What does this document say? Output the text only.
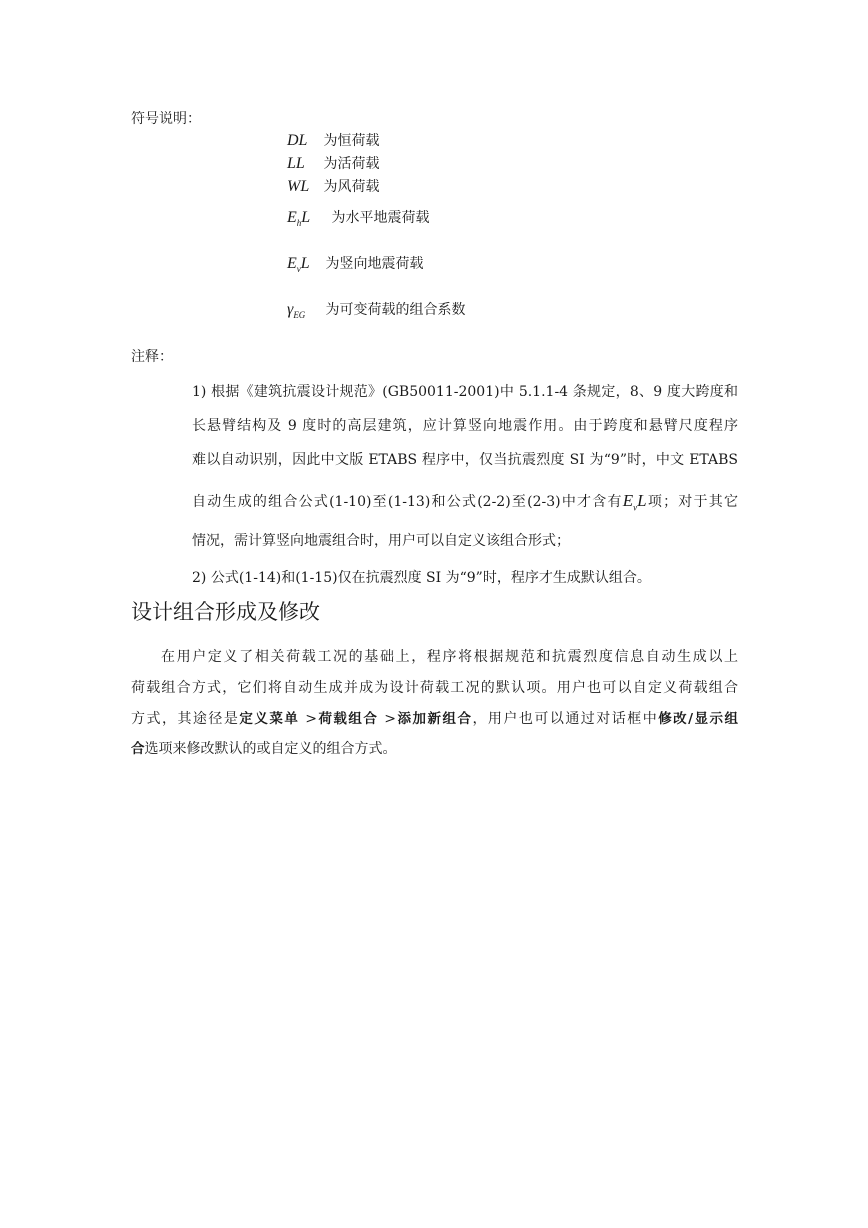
符号说明：
DL 为恒荷载
LL 为活荷载
WL 为风荷载
$E_hL$ 为水平地震荷载
$E_vL$ 为竖向地震荷载
$\gamma_{EG}$ 为可变荷载的组合系数
注释：
1) 根据《建筑抗震设计规范》(GB50011-2001)中 5.1.1-4 条规定，8、9 度大跨度和
长悬臂结构及 9 度时的高层建筑，应计算竖向地震作用。由于跨度和悬臂尺度程序
难以自动识别，因此中文版 ETABS 程序中，仅当抗震烈度 SI 为“9”时，中文 ETABS
自动生成的组合公式(1-10)至(1-13)和公式(2-2)至(2-3)中才含有$E_vL$项；对于其它
情况，需计算竖向地震组合时，用户可以自定义该组合形式；
2) 公式(1-14)和(1-15)仅在抗震烈度 SI 为“9”时，程序才生成默认组合。
设计组合形成及修改
在用户定义了相关荷载工况的基础上，程序将根据规范和抗震烈度信息自动生成以上
荷载组合方式，它们将自动生成并成为设计荷载工况的默认项。用户也可以自定义荷载组合
方式，其途径是定义菜单 >荷载组合 >添加新组合，用户也可以通过对话框中修改/显示组
合选项来修改默认的或自定义的组合方式。
